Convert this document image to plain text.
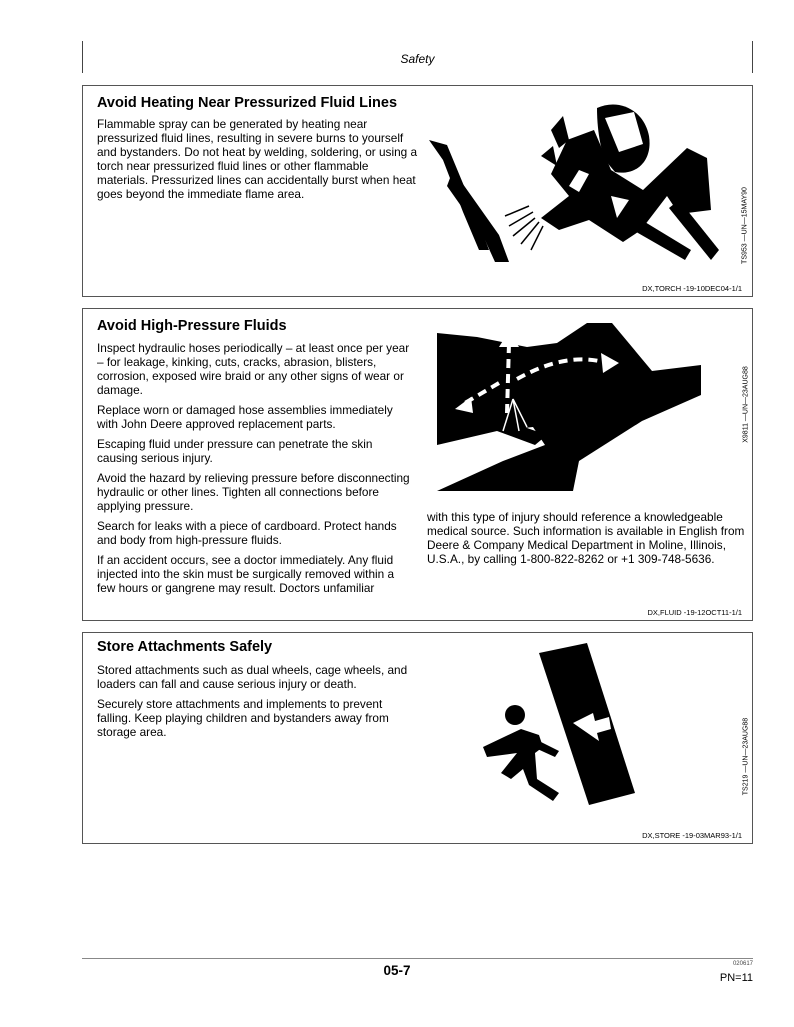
Safety
Avoid Heating Near Pressurized Fluid Lines

Flammable spray can be generated by heating near pressurized fluid lines, resulting in severe burns to yourself and bystanders. Do not heat by welding, soldering, or using a torch near pressurized fluid lines or other flammable materials. Pressurized lines can accidentally burst when heat goes beyond the immediate flame area.	TS953 —UN—15MAY90
DX,TORCH -19-10DEC04-1/1
Avoid High-Pressure Fluids

Inspect hydraulic hoses periodically – at least once per year – for leakage, kinking, cuts, cracks, abrasion, blisters, corrosion, exposed wire braid or any other signs of wear or damage.

Replace worn or damaged hose assemblies immediately with John Deere approved replacement parts.

Escaping fluid under pressure can penetrate the skin causing serious injury.

Avoid the hazard by relieving pressure before disconnecting hydraulic or other lines. Tighten all connections before applying pressure.

Search for leaks with a piece of cardboard. Protect hands and body from high-pressure fluids.

If an accident occurs, see a doctor immediately. Any fluid injected into the skin must be surgically removed within a few hours or gangrene may result. Doctors unfamiliar

X9811 —UN—23AUG88

with this type of injury should reference a knowledgeable medical source. Such information is available in English from Deere & Company Medical Department in Moline, Illinois, U.S.A., by calling 1-800-822-8262 or +1 309-748-5636.

DX,FLUID -19-12OCT11-1/1
Store Attachments Safely

Stored attachments such as dual wheels, cage wheels, and loaders can fall and cause serious injury or death.

Securely store attachments and implements to prevent falling. Keep playing children and bystanders away from storage area.	TS219 —UN—23AUG88
DX,STORE -19-03MAR93-1/1
05-7	020617
PN=11
